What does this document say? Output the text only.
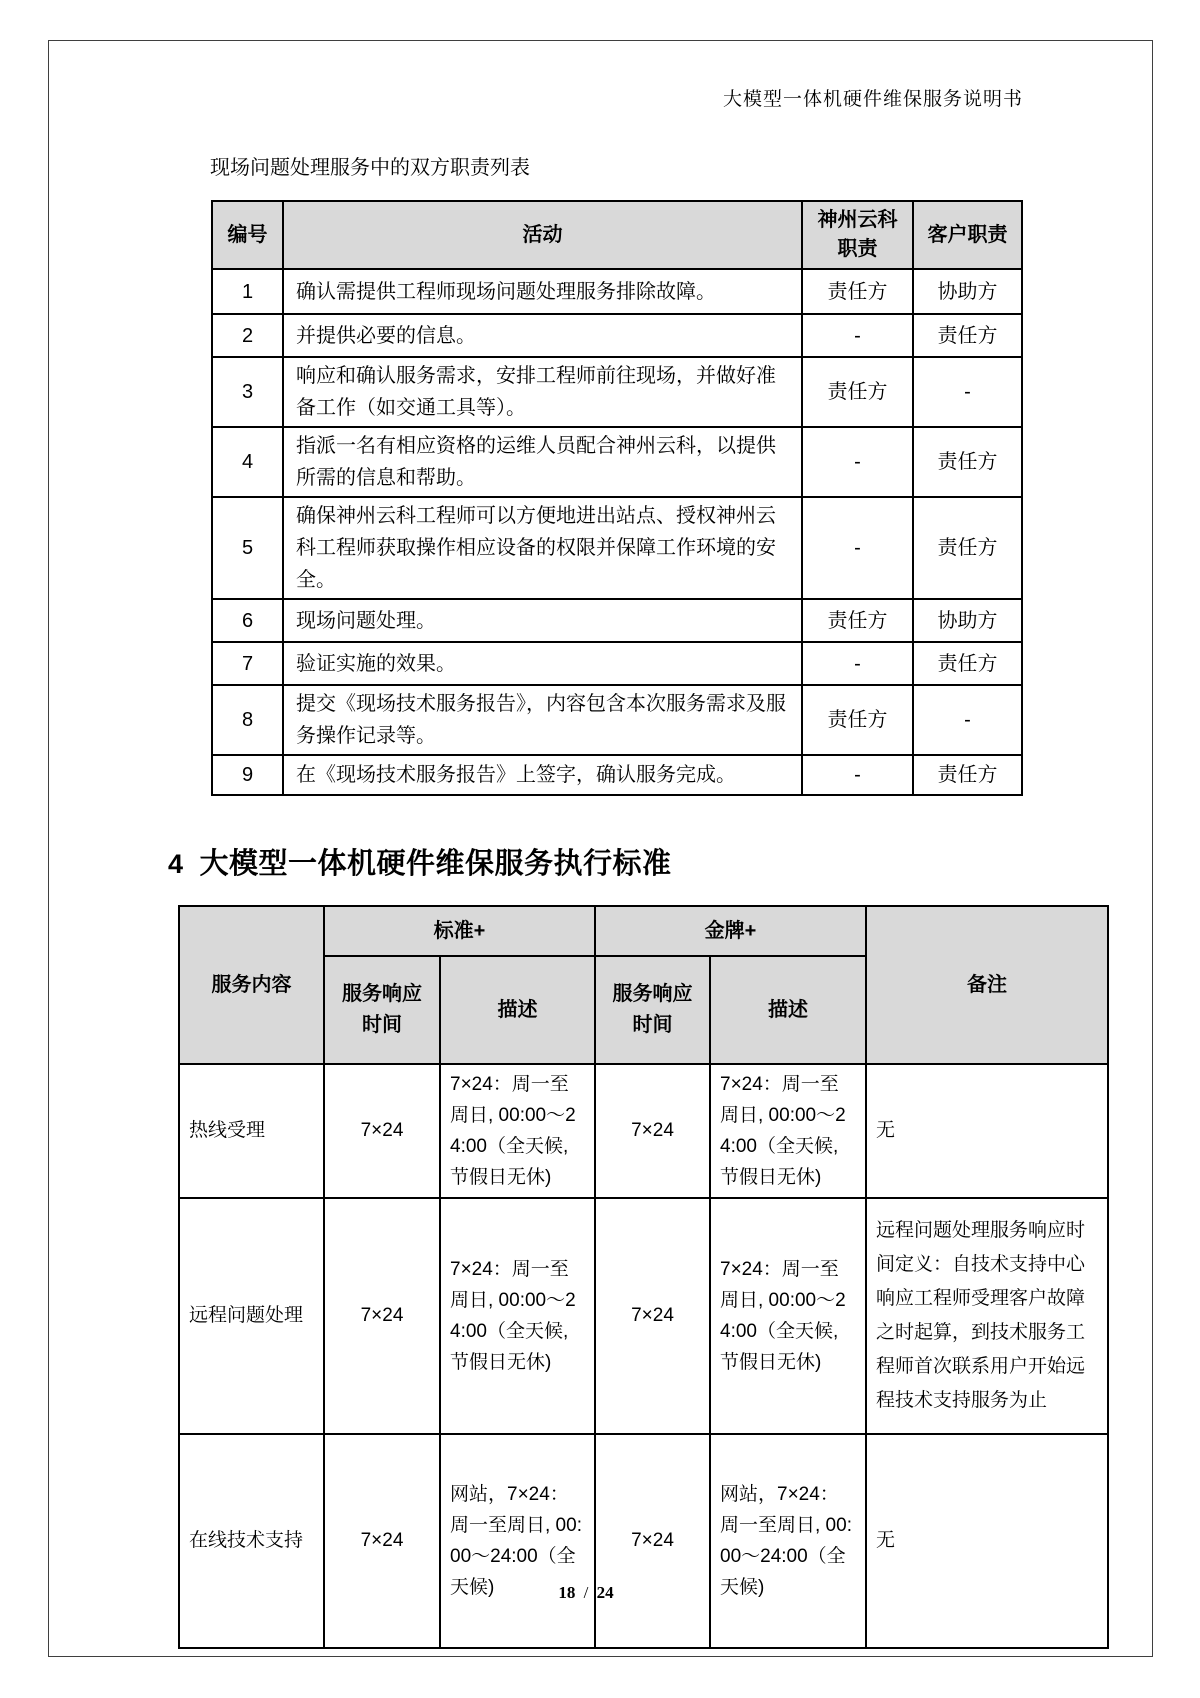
大模型一体机硬件维保服务说明书
现场问题处理服务中的双方职责列表
编号	活动	神州云科职责	客户职责
1	确认需提供工程师现场问题处理服务排除故障。	责任方	协助方
2	并提供必要的信息。	-	责任方
3	响应和确认服务需求，安排工程师前往现场，并做好准备工作（如交通工具等）。	责任方	-
4	指派一名有相应资格的运维人员配合神州云科，以提供所需的信息和帮助。	-	责任方
5	确保神州云科工程师可以方便地进出站点、授权神州云科工程师获取操作相应设备的权限并保障工作环境的安全。	-	责任方
6	现场问题处理。	责任方	协助方
7	验证实施的效果。	-	责任方
8	提交《现场技术服务报告》，内容包含本次服务需求及服务操作记录等。	责任方	-
9	在《现场技术服务报告》上签字，确认服务完成。	-	责任方
4 大模型一体机硬件维保服务执行标准
服务内容	标准+		金牌+		备注
	服务响应时间	描述	服务响应时间	描述	
热线受理	7×24	7×24：周一至周日, 00:00～24:00（全天候, 节假日无休)	7×24	7×24：周一至周日, 00:00～24:00（全天候, 节假日无休)	无
远程问题处理	7×24	7×24：周一至周日, 00:00～24:00（全天候, 节假日无休)	7×24	7×24：周一至周日, 00:00～24:00（全天候, 节假日无休)	远程问题处理服务响应时间定义：自技术支持中心响应工程师受理客户故障之时起算，到技术服务工程师首次联系用户开始远程技术支持服务为止
在线技术支持	7×24	网站，7×24：周一至周日, 00:00～24:00（全天候)	7×24	网站，7×24：周一至周日, 00:00～24:00（全天候)	无
18 / 24
